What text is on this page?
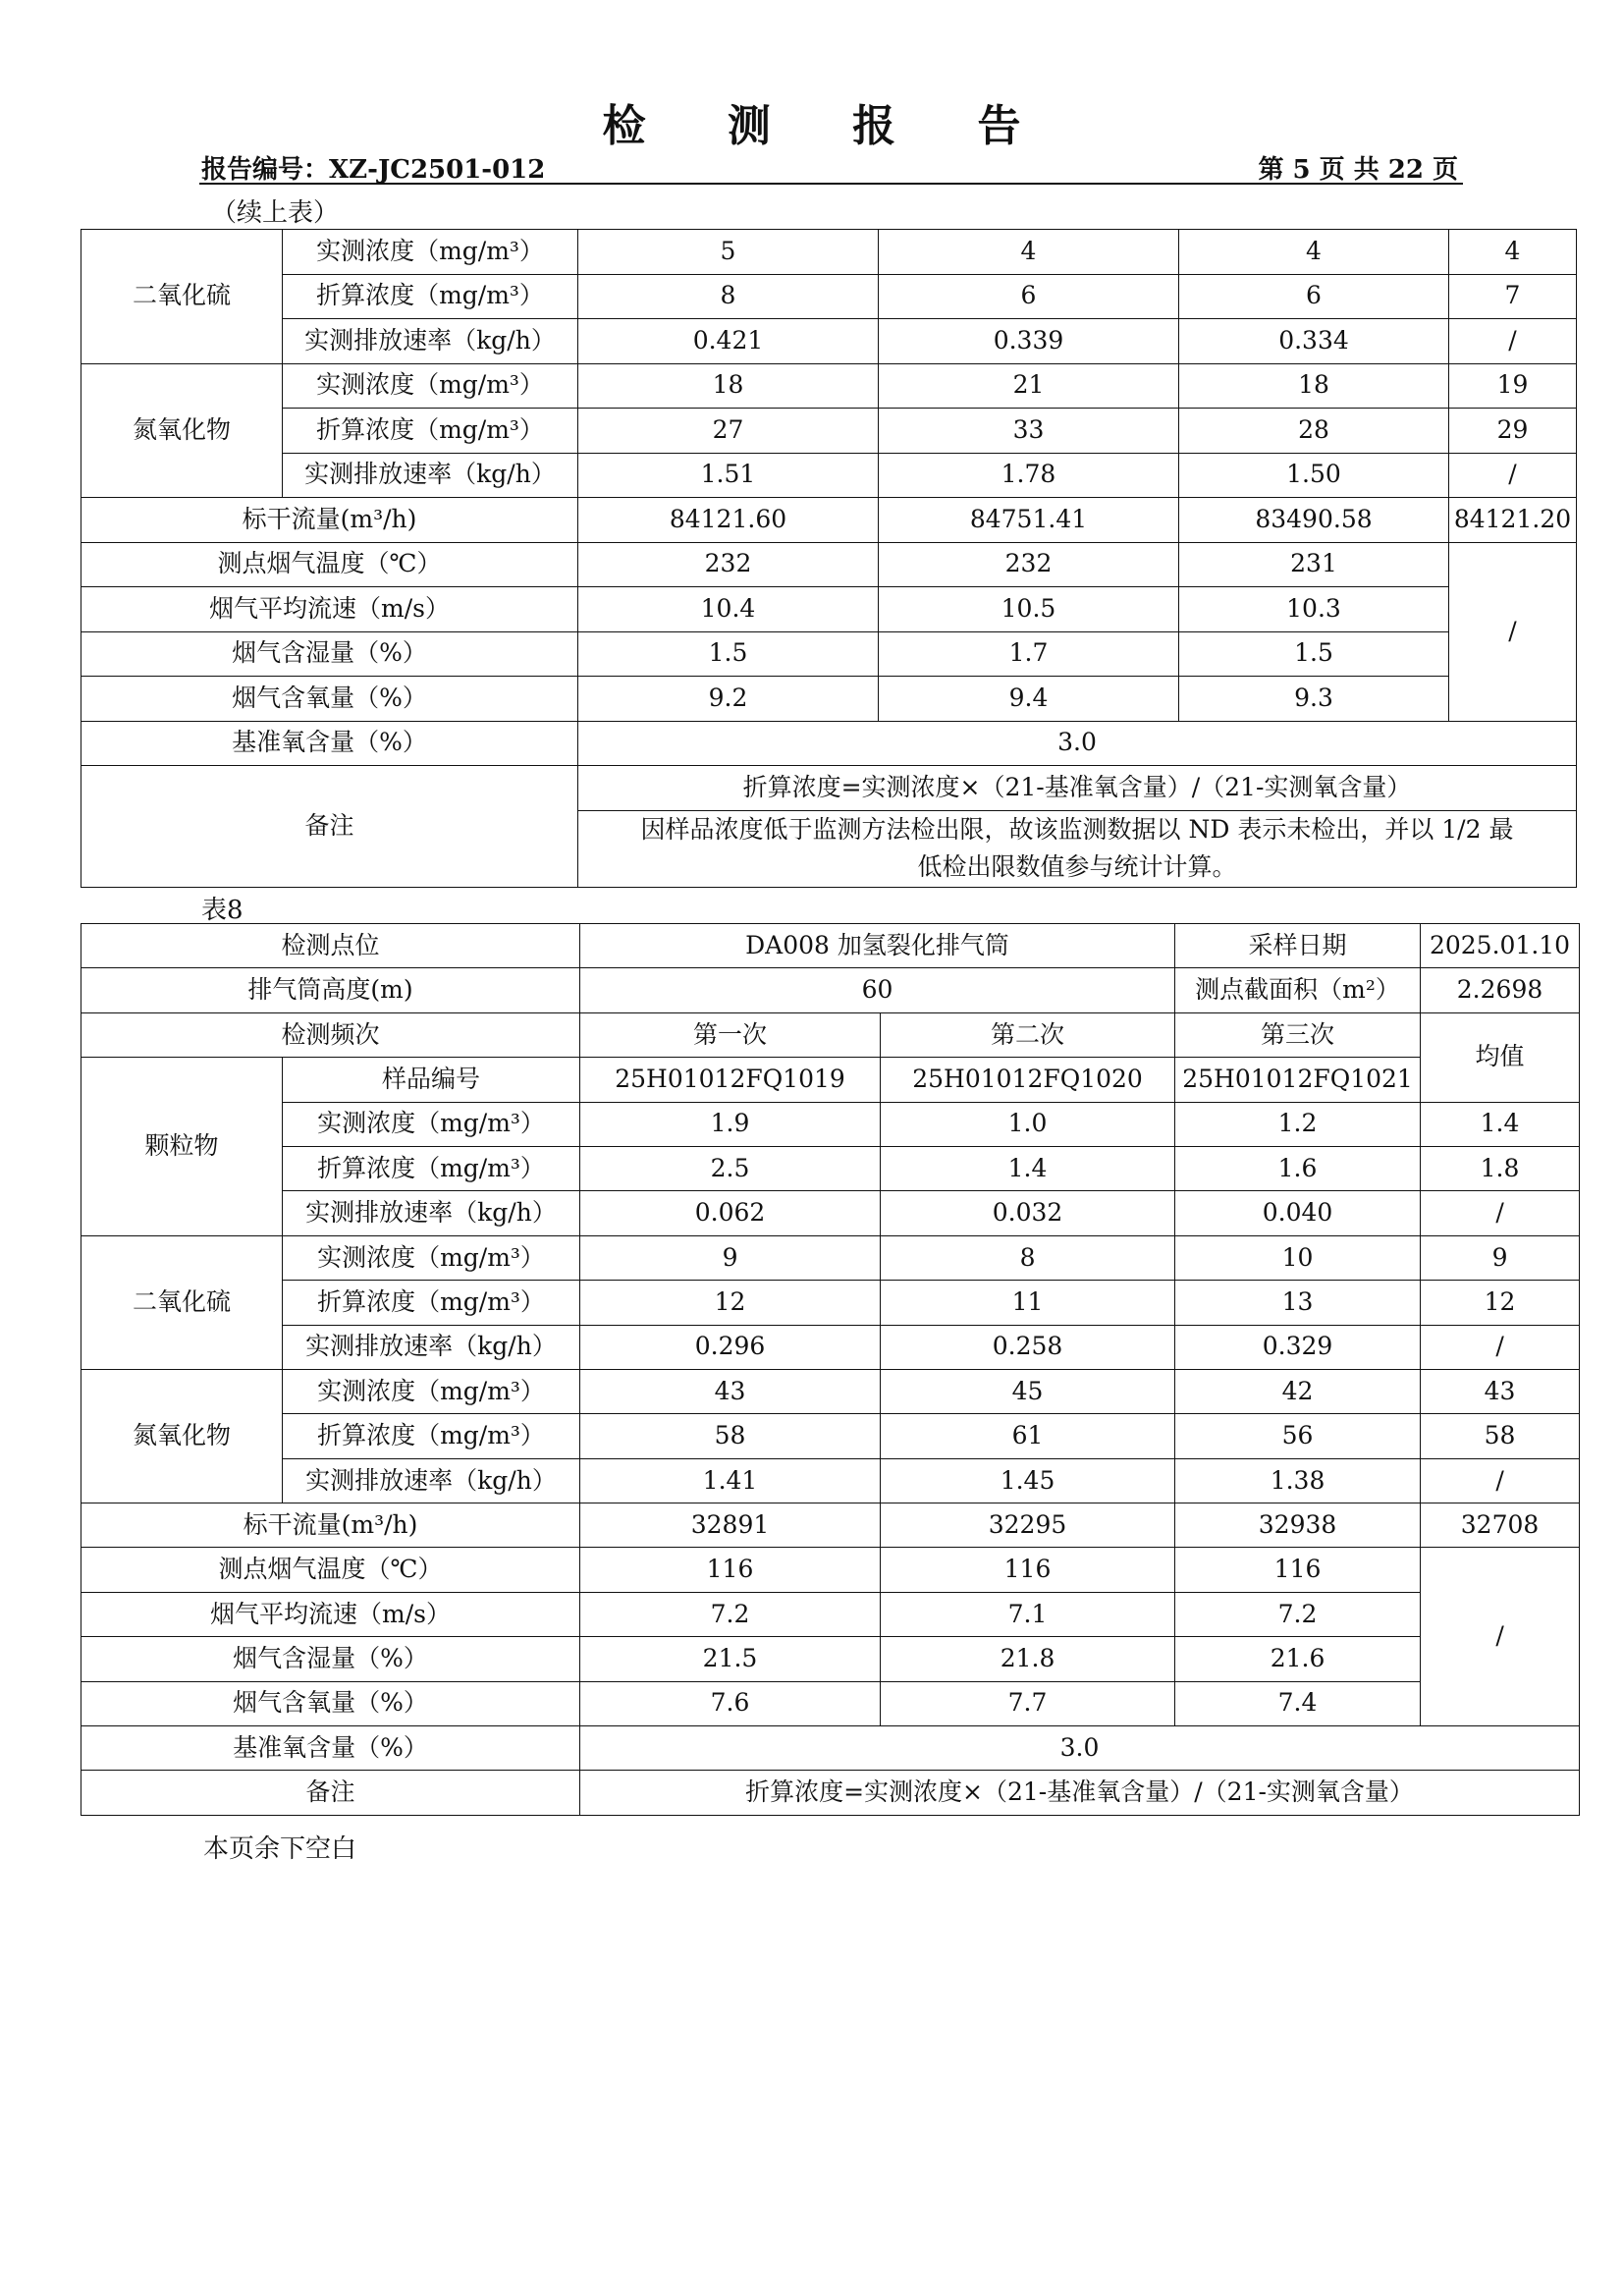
检 测 报 告
报告编号：XZ-JC2501-012	第 5 页 共 22 页
（续上表）
二氧化硫	实测浓度（mg/m³）	5	4	4	4
	折算浓度（mg/m³）	8	6	6	7
	实测排放速率（kg/h）	0.421	0.339	0.334	/
氮氧化物	实测浓度（mg/m³）	18	21	18	19
	折算浓度（mg/m³）	27	33	28	29
	实测排放速率（kg/h）	1.51	1.78	1.50	/
标干流量(m³/h)		84121.60	84751.41	83490.58	84121.20
测点烟气温度（℃）		232	232	231	/
烟气平均流速（m/s）		10.4	10.5	10.3	
烟气含湿量（%）		1.5	1.7	1.5	
烟气含氧量（%）		9.2	9.4	9.3	
基准氧含量（%）		3.0			
备注		折算浓度=实测浓度×（21-基准氧含量）/（21-实测氧含量）			

		因样品浓度低于监测方法检出限，故该监测数据以 ND 表示未检出，并以 1/2 最
低检出限数值参与统计计算。			
表8
检测点位		DA008 加氢裂化排气筒		采样日期	2025.01.10
排气筒高度(m)		60		测点截面积（m²）	2.2698
检测频次		第一次	第二次	第三次	均值
颗粒物	样品编号	25H01012FQ1019	25H01012FQ1020	25H01012FQ1021	
	实测浓度（mg/m³）	1.9	1.0	1.2	1.4
	折算浓度（mg/m³）	2.5	1.4	1.6	1.8
	实测排放速率（kg/h）	0.062	0.032	0.040	/
二氧化硫	实测浓度（mg/m³）	9	8	10	9
	折算浓度（mg/m³）	12	11	13	12
	实测排放速率（kg/h）	0.296	0.258	0.329	/
氮氧化物	实测浓度（mg/m³）	43	45	42	43
	折算浓度（mg/m³）	58	61	56	58
	实测排放速率（kg/h）	1.41	1.45	1.38	/
标干流量(m³/h)		32891	32295	32938	32708
测点烟气温度（℃）		116	116	116	/
烟气平均流速（m/s）		7.2	7.1	7.2	
烟气含湿量（%）		21.5	21.8	21.6	
烟气含氧量（%）		7.6	7.7	7.4	
基准氧含量（%）		3.0			
备注		折算浓度=实测浓度×（21-基准氧含量）/（21-实测氧含量）			
本页余下空白
